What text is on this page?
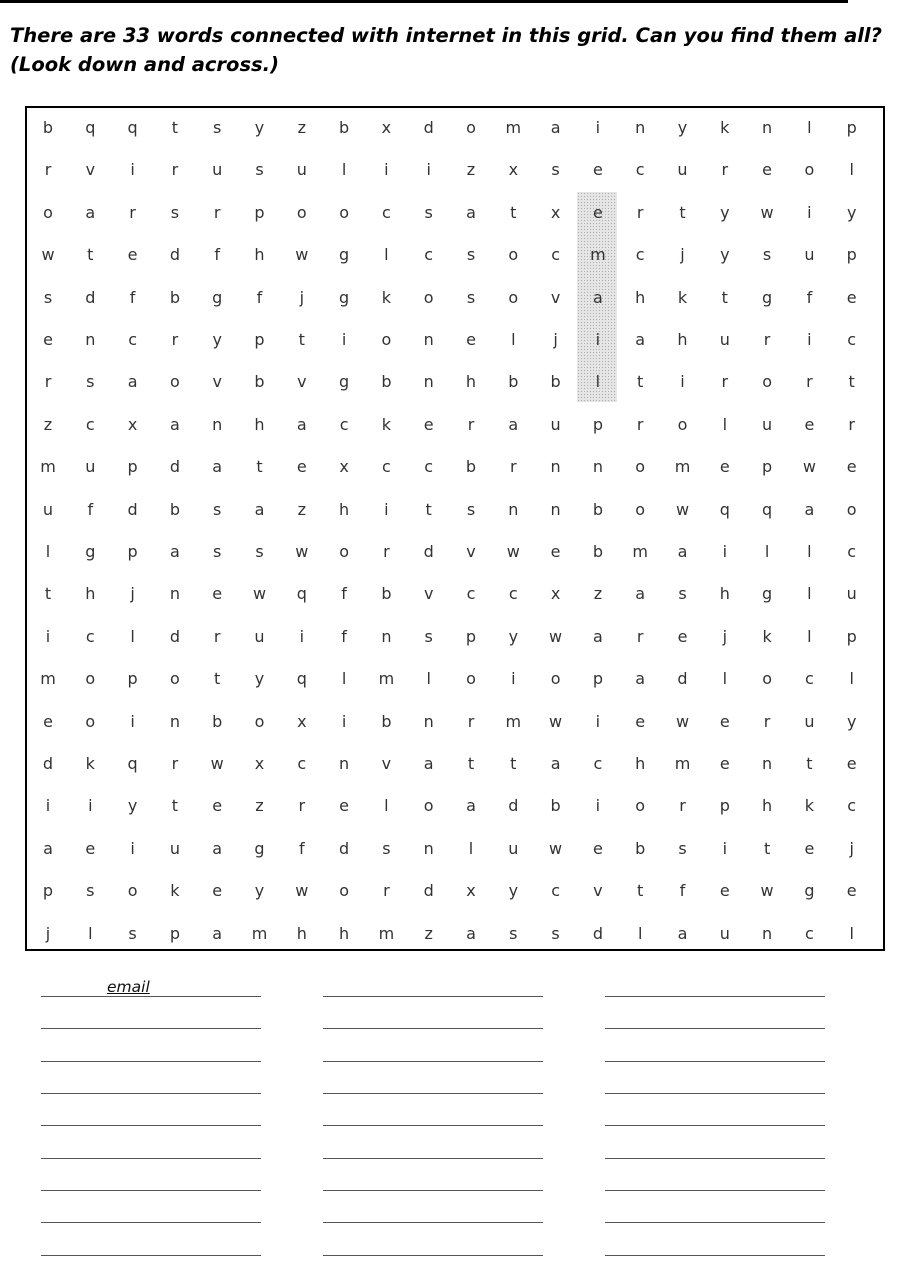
There are 33 words connected with internet in this grid. Can you find them all?
(Look down and across.)
b	q	q	t	s	y	z	b	x	d	o	m	a	i	n	y	k	n	l	p
r	v	i	r	u	s	u	l	i	i	z	x	s	e	c	u	r	e	o	l
o	a	r	s	r	p	o	o	c	s	a	t	x	e	r	t	y	w	i	y
w	t	e	d	f	h	w	g	l	c	s	o	c	m	c	j	y	s	u	p
s	d	f	b	g	f	j	g	k	o	s	o	v	a	h	k	t	g	f	e
e	n	c	r	y	p	t	i	o	n	e	l	j	i	a	h	u	r	i	c
r	s	a	o	v	b	v	g	b	n	h	b	b	l	t	i	r	o	r	t
z	c	x	a	n	h	a	c	k	e	r	a	u	p	r	o	l	u	e	r
m	u	p	d	a	t	e	x	c	c	b	r	n	n	o	m	e	p	w	e
u	f	d	b	s	a	z	h	i	t	s	n	n	b	o	w	q	q	a	o
l	g	p	a	s	s	w	o	r	d	v	w	e	b	m	a	i	l	l	c
t	h	j	n	e	w	q	f	b	v	c	c	x	z	a	s	h	g	l	u
i	c	l	d	r	u	i	f	n	s	p	y	w	a	r	e	j	k	l	p
m	o	p	o	t	y	q	l	m	l	o	i	o	p	a	d	l	o	c	l
e	o	i	n	b	o	x	i	b	n	r	m	w	i	e	w	e	r	u	y
d	k	q	r	w	x	c	n	v	a	t	t	a	c	h	m	e	n	t	e
i	i	y	t	e	z	r	e	l	o	a	d	b	i	o	r	p	h	k	c
a	e	i	u	a	g	f	d	s	n	l	u	w	e	b	s	i	t	e	j
p	s	o	k	e	y	w	o	r	d	x	y	c	v	t	f	e	w	g	e
j	l	s	p	a	m	h	h	m	z	a	s	s	d	l	a	u	n	c	l
email
